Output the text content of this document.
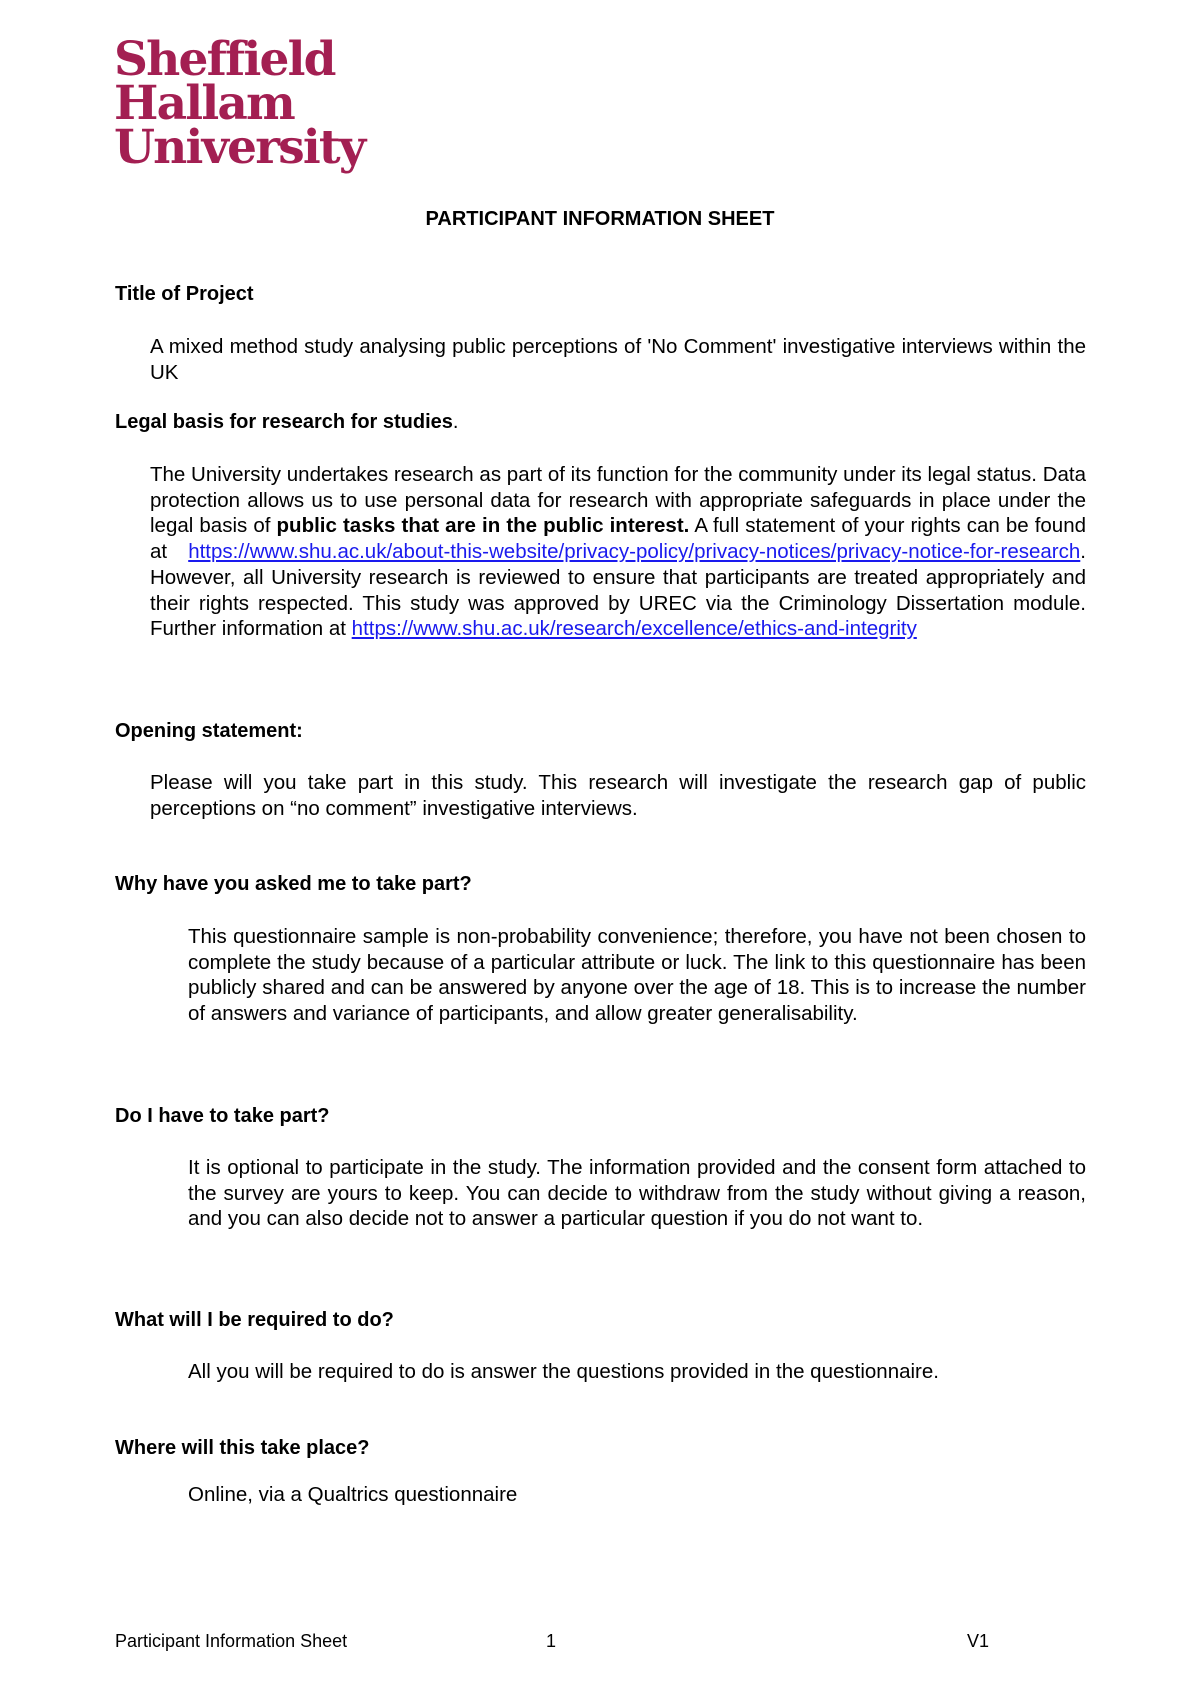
Sheffield
Hallam
University
PARTICIPANT INFORMATION SHEET
Title of Project
A mixed method study analysing public perceptions of 'No Comment' investigative interviews within the UK
Legal basis for research for studies.
The University undertakes research as part of its function for the community under its legal status. Data protection allows us to use personal data for research with appropriate safeguards in place under the legal basis of public tasks that are in the public interest. A full statement of your rights can be found at https://www.shu.ac.uk/about-this-website/privacy-policy/privacy-notices/privacy-notice-for-research. However, all University research is reviewed to ensure that participants are treated appropriately and their rights respected. This study was approved by UREC via the Criminology Dissertation module. Further information at https://www.shu.ac.uk/research/excellence/ethics-and-integrity
Opening statement:
Please will you take part in this study. This research will investigate the research gap of public perceptions on “no comment” investigative interviews.
Why have you asked me to take part?
This questionnaire sample is non-probability convenience; therefore, you have not been chosen to complete the study because of a particular attribute or luck. The link to this questionnaire has been publicly shared and can be answered by anyone over the age of 18. This is to increase the number of answers and variance of participants, and allow greater generalisability.
Do I have to take part?
It is optional to participate in the study. The information provided and the consent form attached to the survey are yours to keep. You can decide to withdraw from the study without giving a reason, and you can also decide not to answer a particular question if you do not want to.
What will I be required to do?
All you will be required to do is answer the questions provided in the questionnaire.
Where will this take place?
Online, via a Qualtrics questionnaire
Participant Information Sheet	1	V1
